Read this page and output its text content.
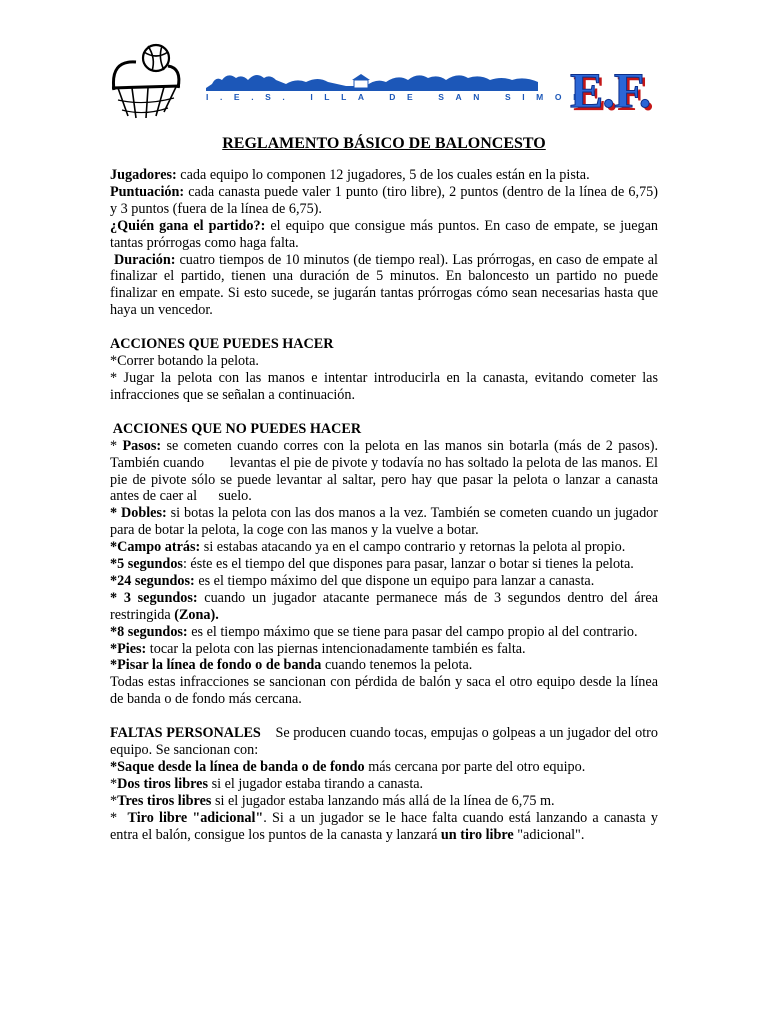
I.E.S. ILLA DE SAN SIMON
E.F.
REGLAMENTO BÁSICO DE BALONCESTO

Jugadores: cada equipo lo componen 12 jugadores, 5 de los cuales están en la pista.

Puntuación: cada canasta puede valer 1 punto (tiro libre), 2 puntos (dentro de la línea de 6,75) y 3 puntos (fuera de la línea de 6,75).

¿Quién gana el partido?: el equipo que consigue más puntos. En caso de empate, se juegan tantas prórrogas como haga falta.

Duración: cuatro tiempos de 10 minutos (de tiempo real). Las prórrogas, en caso de empate al finalizar el partido, tienen una duración de 5 minutos. En baloncesto un partido no puede finalizar en empate. Si esto sucede, se jugarán tantas prórrogas cómo sean necesarias hasta que haya un vencedor.

ACCIONES QUE PUEDES HACER

*Correr botando la pelota.

* Jugar la pelota con las manos e intentar introducirla en la canasta, evitando cometer las infracciones que se señalan a continuación.

ACCIONES QUE NO PUEDES HACER

* Pasos: se cometen cuando corres con la pelota en las manos sin botarla (más de 2 pasos). También cuando       levantas el pie de pivote y todavía no has soltado la pelota de las manos. El pie de pivote sólo se puede levantar al saltar, pero hay que pasar la pelota o lanzar a canasta antes de caer al      suelo.

* Dobles: si botas la pelota con las dos manos a la vez. También se cometen cuando un jugador para de botar la pelota, la coge con las manos y la vuelve a botar.

*Campo atrás: si estabas atacando ya en el campo contrario y retornas la pelota al propio.

*5 segundos: éste es el tiempo del que dispones para pasar, lanzar o botar si tienes la pelota.

*24 segundos: es el tiempo máximo del que dispone un equipo para lanzar a canasta.

* 3 segundos: cuando un jugador atacante permanece más de 3 segundos dentro del área restringida (Zona).

*8 segundos: es el tiempo máximo que se tiene para pasar del campo propio al del contrario.

*Pies: tocar la pelota con las piernas intencionadamente también es falta.

*Pisar la línea de fondo o de banda cuando tenemos la pelota.

Todas estas infracciones se sancionan con pérdida de balón y saca el otro equipo desde la línea de banda o de fondo más cercana.

FALTAS PERSONALES    Se producen cuando tocas, empujas o golpeas a un jugador del otro equipo. Se sancionan con:

*Saque desde la línea de banda o de fondo más cercana por parte del otro equipo.

*Dos tiros libres si el jugador estaba tirando a canasta.

*Tres tiros libres si el jugador estaba lanzando más allá de la línea de 6,75 m.

*  Tiro libre "adicional". Si a un jugador se le hace falta cuando está lanzando a canasta y entra el balón, consigue los puntos de la canasta y lanzará un tiro libre "adicional".
